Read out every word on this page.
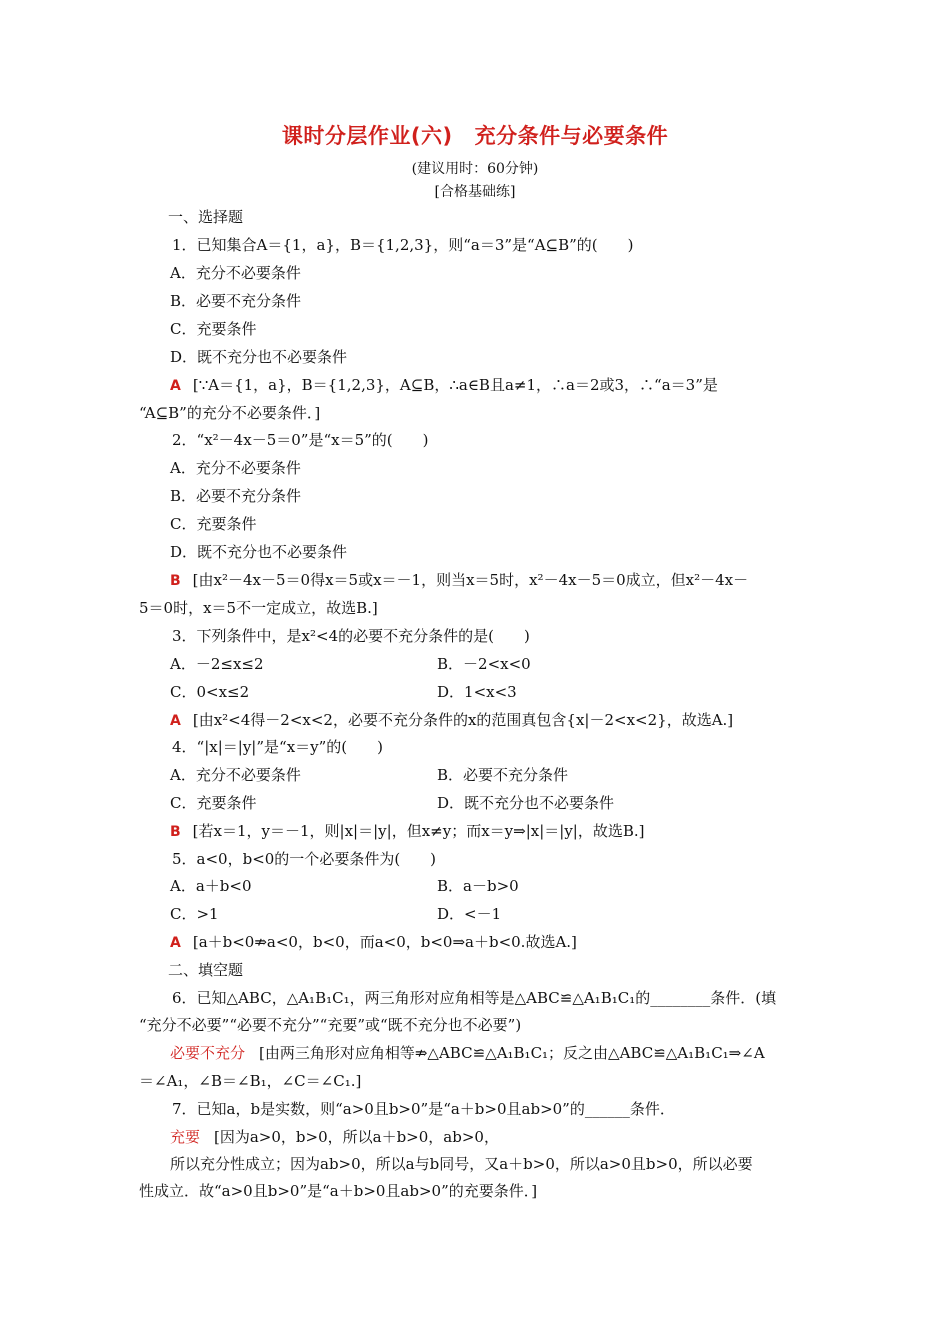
课时分层作业(六) 充分条件与必要条件
(建议用时：60分钟)
[合格基础练]
一、选择题
1．已知集合A＝{1，a}，B＝{1,2,3}，则“a＝3”是“A⊆B”的(　　)
A．充分不必要条件
B．必要不充分条件
C．充要条件
D．既不充分也不必要条件
A [∵A＝{1，a}，B＝{1,2,3}，A⊆B，∴a∈B且a≠1，∴a＝2或3，∴“a＝3”是
“A⊆B”的充分不必要条件．]
2．“x²－4x－5＝0”是“x＝5”的(　　)
A．充分不必要条件
B．必要不充分条件
C．充要条件
D．既不充分也不必要条件
B [由x²－4x－5＝0得x＝5或x＝－1，则当x＝5时，x²－4x－5＝0成立，但x²－4x－
5＝0时，x＝5不一定成立，故选B.]
3．下列条件中，是x²<4的必要不充分条件的是(　　)
A．－2≤x≤2	B．－2<x<0
C．0<x≤2	D．1<x<3
A [由x²<4得－2<x<2，必要不充分条件的x的范围真包含{x|－2<x<2}，故选A.]
4．“|x|＝|y|”是“x＝y”的(　　)
A．充分不必要条件	B．必要不充分条件
C．充要条件	D．既不充分也不必要条件
B [若x＝1，y＝－1，则|x|＝|y|，但x≠y；而x＝y⇒|x|＝|y|，故选B.]
5．a<0，b<0的一个必要条件为(　　)
A．a＋b<0	B．a－b>0
C．>1	D．<－1
A [a＋b<0⇏a<0，b<0，而a<0，b<0⇒a＋b<0.故选A.]
二、填空题
6．已知△ABC，△A₁B₁C₁，两三角形对应角相等是△ABC≌△A₁B₁C₁的________条件．(填
“充分不必要”“必要不充分”“充要”或“既不充分也不必要”)
必要不充分 [由两三角形对应角相等⇏△ABC≌△A₁B₁C₁；反之由△ABC≌△A₁B₁C₁⇒∠A
＝∠A₁，∠B＝∠B₁，∠C＝∠C₁.]
7．已知a，b是实数，则“a>0且b>0”是“a＋b>0且ab>0”的______条件．
充要 [因为a>0，b>0，所以a＋b>0，ab>0，
所以充分性成立；因为ab>0，所以a与b同号，又a＋b>0，所以a>0且b>0，所以必要
性成立．故“a>0且b>0”是“a＋b>0且ab>0”的充要条件．]
